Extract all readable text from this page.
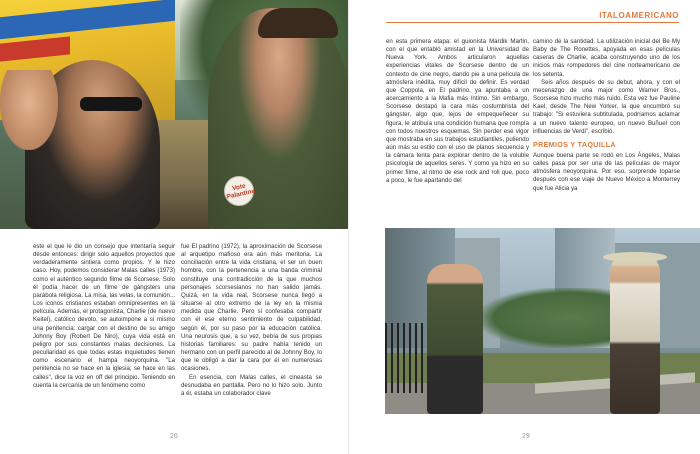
Vote Palantine

este el que le dio un consejo que intentaría seguir desde entonces: dirigir solo aquellos proyectos que verdaderamente sintiera como propios. Y le hizo caso. Hoy, podemos considerar Malas calles (1973) como el auténtico segundo filme de Scorsese. Solo él podía hacer de un filme de gángsters una parábola religiosa. La misa, las velas, la comunión... Los iconos cristianos estaban omnipresentes en la película. Además, el protagonista, Charlie (de nuevo Keitel), católico devoto, se autoimpone a sí mismo una penitencia: cargar con el destino de su amigo Johnny Boy (Robert De Niro), cuya vida está en peligro por sus constantes malas decisiones. La peculiaridad es que todas estas inquietudes tienen como escenario el hampa neoyorquina. "La penitencia no se hace en la iglesia; se hace en las calles", dice la voz en off del principio. Teniendo en cuenta la cercanía de un fenómeno como

fue El padrino (1972), la aproximación de Scorsese al arquetipo mafioso era aún más meritoria. La conciliación entre la vida cristiana, el ser un buen hombre, con la pertenencia a una banda criminal constituye una contradicción de la que muchos personajes scorsesianos no han salido jamás. Quizá, en la vida real, Scorsese nunca llegó a situarse al otro extremo de la ley en la misma medida que Charlie. Pero sí confesaba compartir con él ese eterno sentimiento de culpabilidad, según él, por su paso por la educación católica. Una neurosis que, a su vez, bebía de sus propias historias familiares: su padre había tenido un hermano con un perfil parecido al de Johnny Boy, lo que le obligó a dar la cara por él en numerosas ocasiones.

En esencia, con Malas calles, el cineasta se desnudaba en pantalla. Pero no lo hizo solo. Junto a él, estaba un colaborador clave

26
ITALOAMERICANO

en esta primera etapa: el guionista Mardik Martin, con el que entabló amistad en la Universidad de Nueva York. Ambos articularon aquellas experiencias vitales de Scorsese dentro de un contexto de cine negro, dando pie a una película de atmósfera inédita, muy difícil de definir. Es verdad que Coppola, en El padrino, ya apuntaba a un acercamiento a la Mafia más íntimo. Sin embargo, Scorsese destapó la cara más costumbrista del gángster, algo que, lejos de empequeñecer su figura, le atribuía una condición humana que rompía con todos nuestros esquemas. Sin perder ese vigor que mostraba en sus trabajos estudiantiles, puliendo aún más su estilo con el uso de planos secuencia y la cámara lenta para explorar dentro de la voluble psicología de aquellos seres. Y como ya hizo en su primer filme, al ritmo de ese rock and roll que, poco a poco, le fue apartando del

camino de la santidad. La utilización inicial del Be My Baby de The Ronettes, apoyada en esas películas caseras de Charlie, acaba construyendo uno de los inicios más rompedores del cine norteamericano de los setenta.

Seis años después de su debut, ahora, y con el mecenazgo de una major como Warner Bros., Scorsese hizo mucho más ruido. Esta vez fue Pauline Kael, desde The New Yorker, la que encumbró su trabajo: "Si estuviera subtitulada, podríamos aclamar a un nuevo talento europeo, un nuevo Buñuel con influencias de Verdi", escribió.

PREMIOS Y TAQUILLA

Aunque buena parte se rodó en Los Ángeles, Malas calles pasa por ser una de las películas de mayor atmósfera neoyorquina. Por eso, sorprende toparse después con ese viaje de Nuevo México a Monterrey que fue Alicia ya

29
